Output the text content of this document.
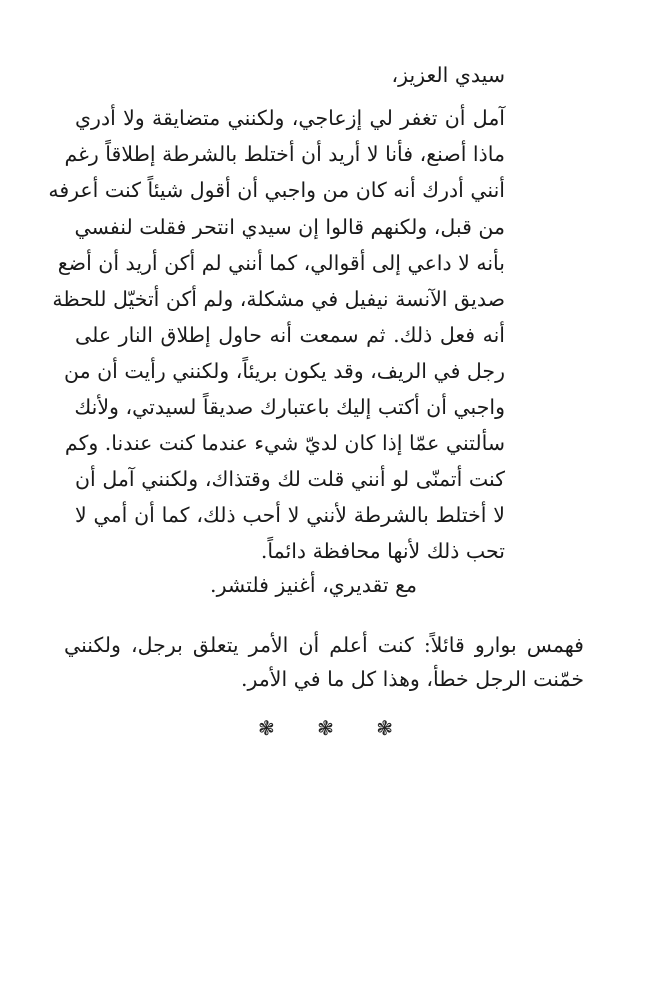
سيدي العزيز،
آمل أن تغفر لي إزعاجي، ولكنني متضايقة ولا أدري
ماذا أصنع، فأنا لا أريد أن أختلط بالشرطة إطلاقاً رغم
أنني أدرك أنه كان من واجبي أن أقول شيئاً كنت أعرفه
من قبل، ولكنهم قالوا إن سيدي انتحر فقلت لنفسي
بأنه لا داعي إلى أقوالي، كما أنني لم أكن أريد أن أضع
صديق الآنسة نيفيل في مشكلة، ولم أكن أتخيّل للحظة
أنه فعل ذلك. ثم سمعت أنه حاول إطلاق النار على
رجل في الريف، وقد يكون بريئاً، ولكنني رأيت أن من
واجبي أن أكتب إليك باعتبارك صديقاً لسيدتي، ولأنك
سألتني عمّا إذا كان لديّ شيء عندما كنت عندنا. وكم
كنت أتمنّى لو أنني قلت لك وقتذاك، ولكنني آمل أن
لا أختلط بالشرطة لأنني لا أحب ذلك، كما أن أمي لا
تحب ذلك لأنها محافظة دائماً.
مع تقديري، أغنيز فلتشر.
فهمس بوارو قائلاً: كنت أعلم أن الأمر يتعلق برجل، ولكنني
خمّنت الرجل خطأ، وهذا كل ما في الأمر.
❃ ❃ ❃
